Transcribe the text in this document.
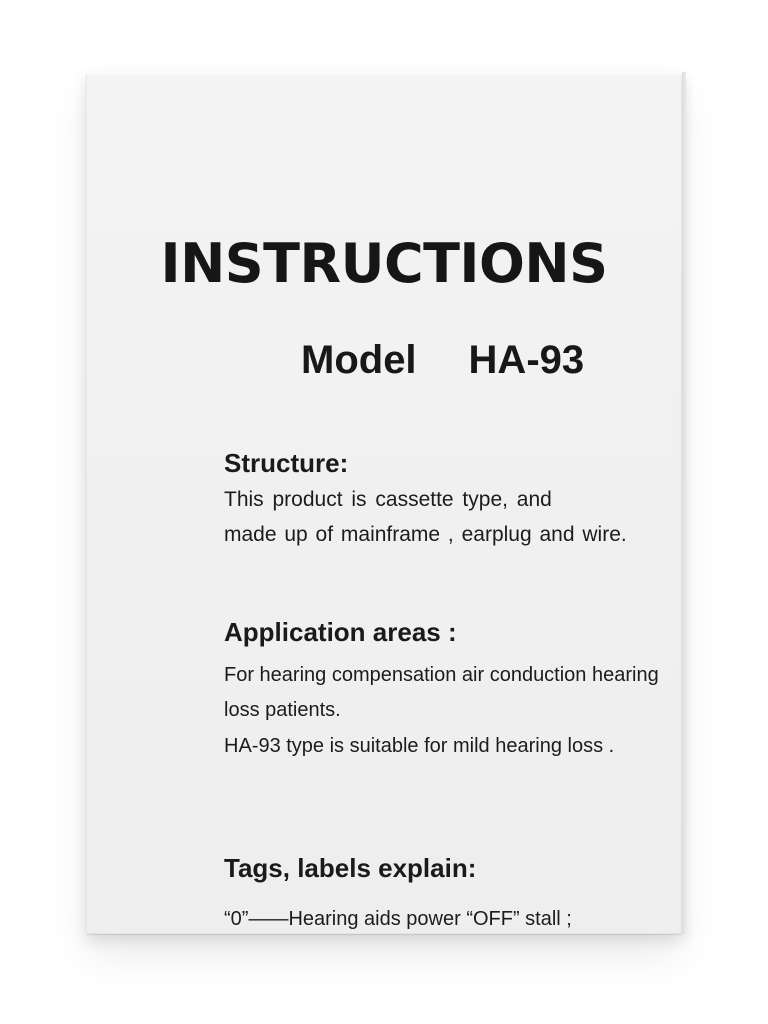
INSTRUCTIONS

Model HA-93

Structure:

This product is cassette type, and

made up of mainframe , earplug and wire.

Application areas :

For hearing compensation air conduction hearing

loss patients.

HA-93 type is suitable for mild hearing loss .

Tags, labels explain:

“0”——Hearing aids power “OFF” stall ;
